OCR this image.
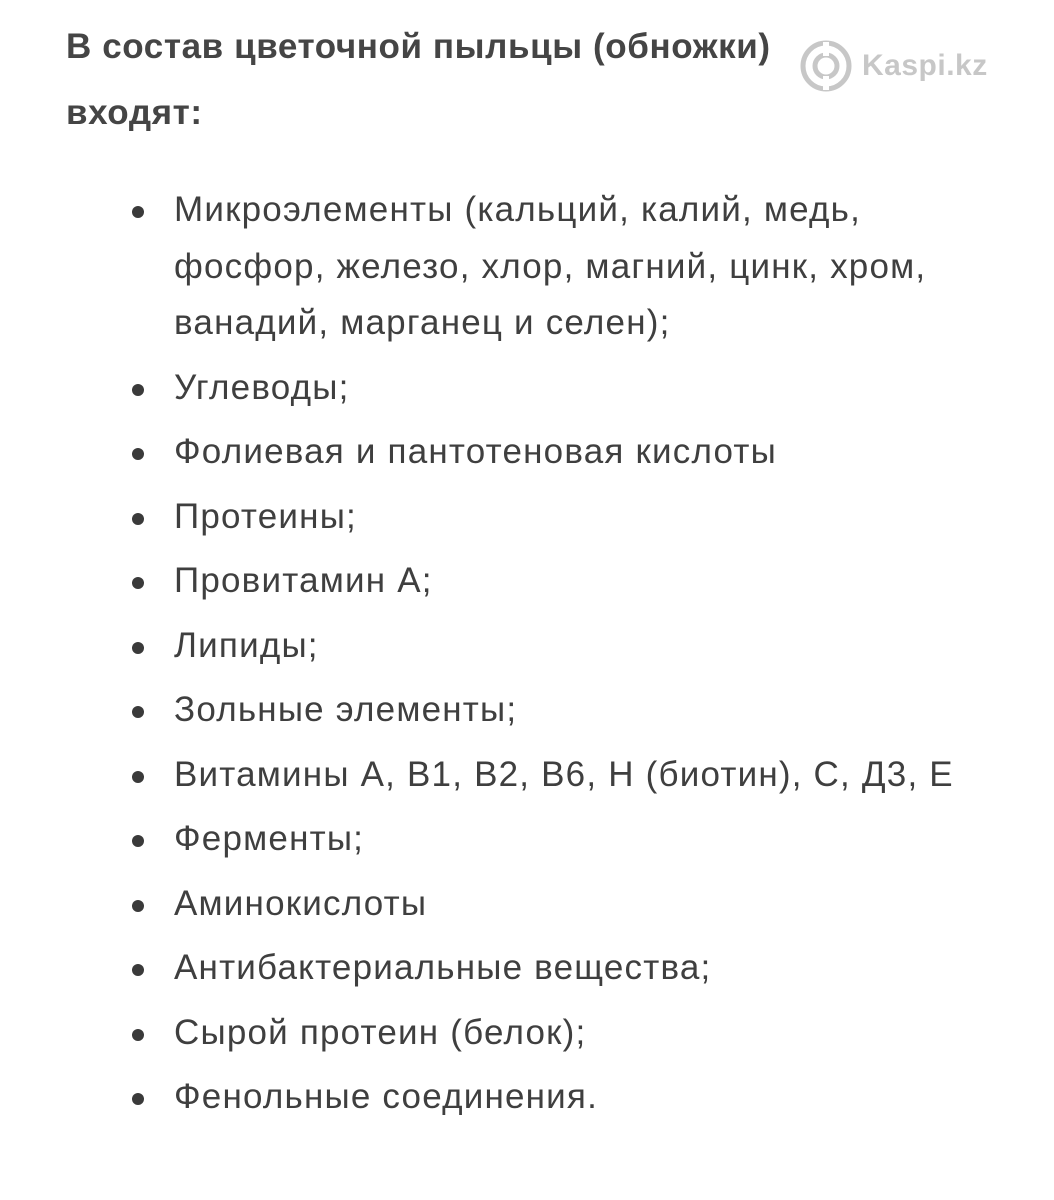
В состав цветочной пыльцы (обножки)
входят:
Kaspi.kz
Микроэлементы (кальций, калий, медь, фосфор, железо, хлор, магний, цинк, хром, ванадий, марганец и селен);
Углеводы;
Фолиевая и пантотеновая кислоты
Протеины;
Провитамин А;
Липиды;
Зольные элементы;
Витамины А, В1, В2, В6, Н (биотин), С, Д3, Е
Ферменты;
Аминокислоты
Антибактериальные вещества;
Сырой протеин (белок);
Фенольные соединения.
